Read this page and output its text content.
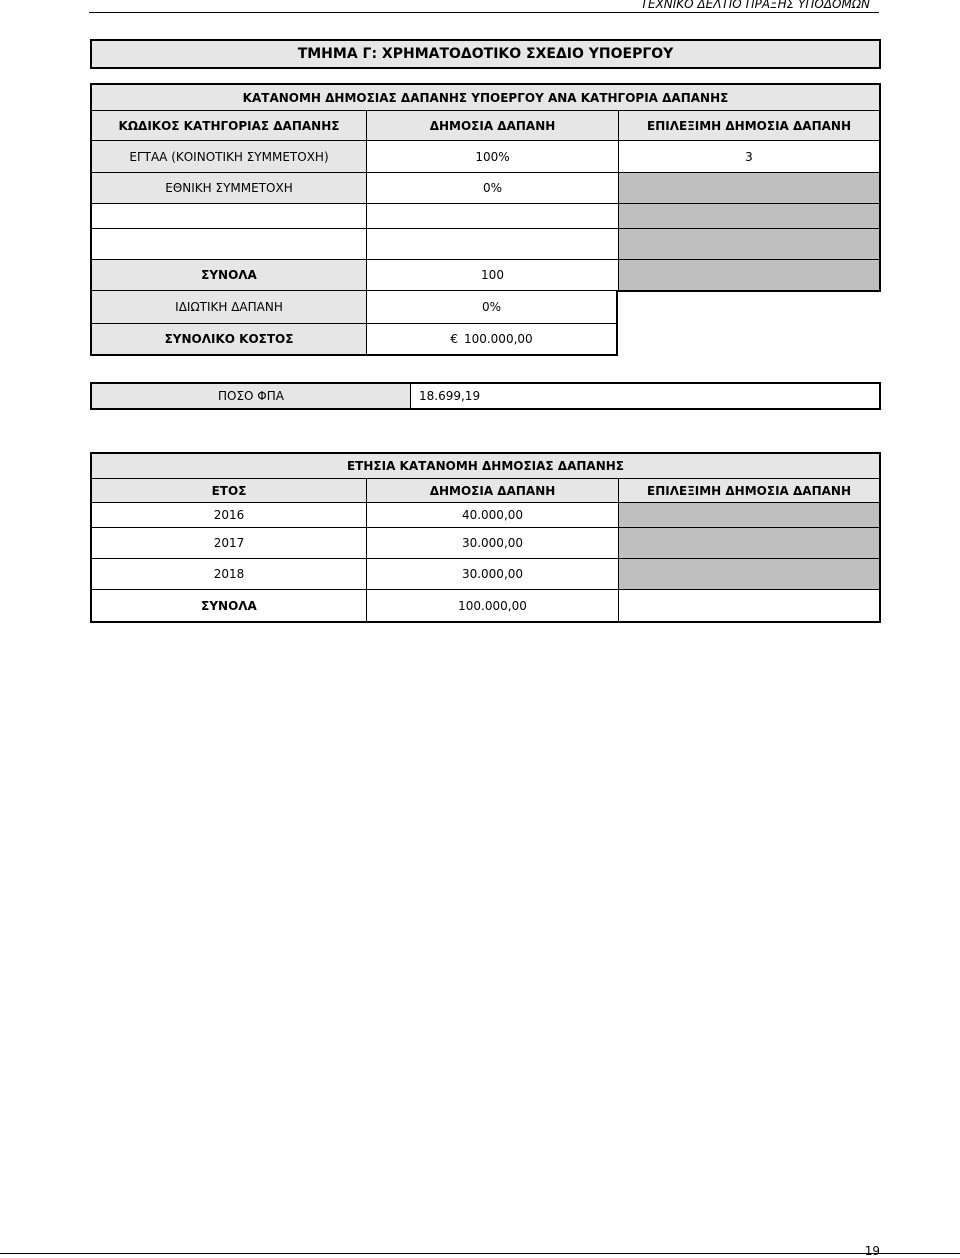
ΤΕΧΝΙΚΟ ΔΕΛΤΙΟ ΠΡΑΞΗΣ ΥΠΟΔΟΜΩΝ
ΤΜΗΜΑ Γ: ΧΡΗΜΑΤΟΔΟΤΙΚΟ ΣΧΕΔΙΟ ΥΠΟΕΡΓΟΥ
ΚΑΤΑΝΟΜΗ ΔΗΜΟΣΙΑΣ ΔΑΠΑΝΗΣ ΥΠΟΕΡΓΟΥ ΑΝΑ ΚΑΤΗΓΟΡΙΑ ΔΑΠΑΝΗΣ
ΚΩΔΙΚΟΣ ΚΑΤΗΓΟΡΙΑΣ ΔΑΠΑΝΗΣ	ΔΗΜΟΣΙΑ ΔΑΠΑΝΗ	ΕΠΙΛΕΞΙΜΗ ΔΗΜΟΣΙΑ ΔΑΠΑΝΗ
ΕΓΤΑΑ (ΚΟΙΝΟΤΙΚΗ ΣΥΜΜΕΤΟΧΗ)	100%	3
ΕΘΝΙΚΗ ΣΥΜΜΕΤΟΧΗ	0%
ΣΥΝΟΛΑ	100
ΙΔΙΩΤΙΚΗ ΔΑΠΑΝΗ	0%
ΣΥΝΟΛΙΚΟ ΚΟΣΤΟΣ	€ 100.000,00
ΠΟΣΟ ΦΠΑ	18.699,19
ΕΤΗΣΙΑ ΚΑΤΑΝΟΜΗ ΔΗΜΟΣΙΑΣ ΔΑΠΑΝΗΣ
ΕΤΟΣ	ΔΗΜΟΣΙΑ ΔΑΠΑΝΗ	ΕΠΙΛΕΞΙΜΗ ΔΗΜΟΣΙΑ ΔΑΠΑΝΗ
2016	40.000,00
2017	30.000,00
2018	30.000,00
ΣΥΝΟΛΑ	100.000,00
19
